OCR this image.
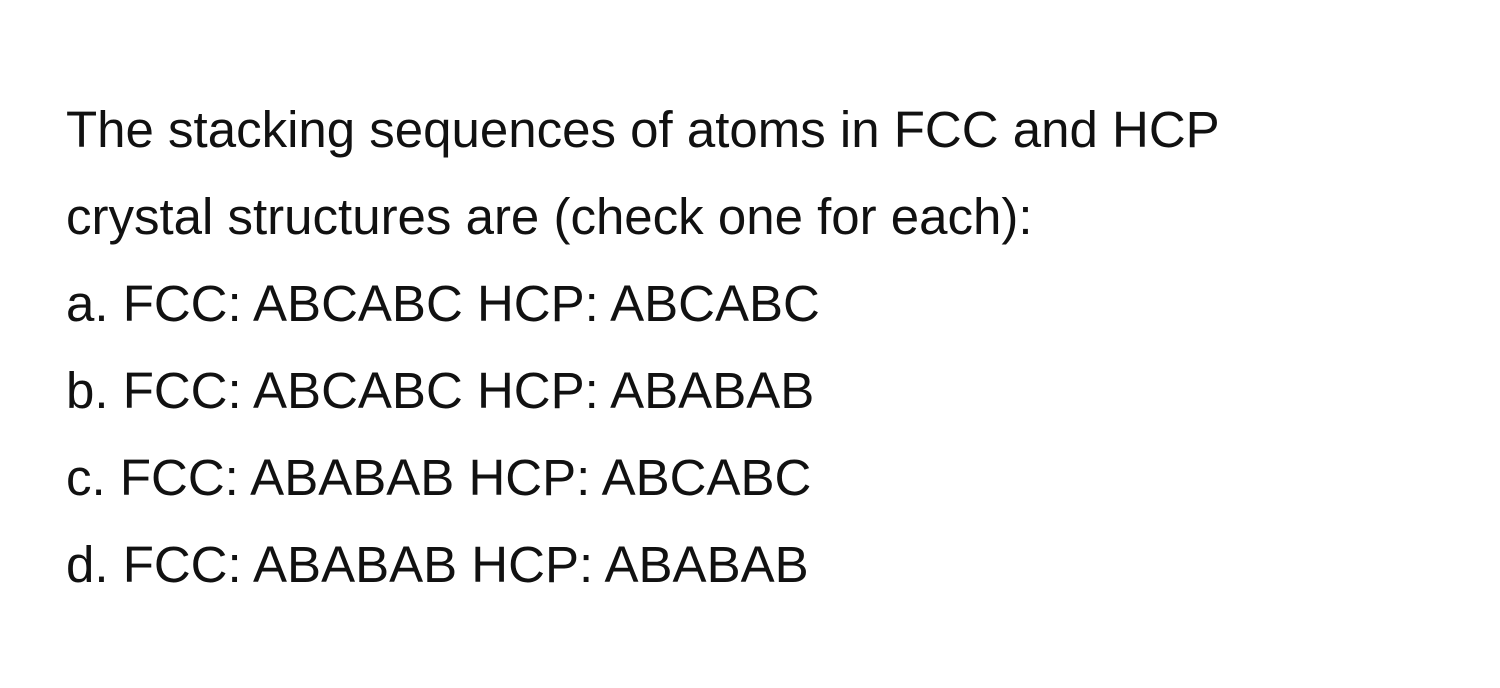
The stacking sequences of atoms in FCC and HCP
crystal structures are (check one for each):

a. FCC: ABCABC HCP: ABCABC
b. FCC: ABCABC HCP: ABABAB
c. FCC: ABABAB HCP: ABCABC
d. FCC: ABABAB HCP: ABABAB
